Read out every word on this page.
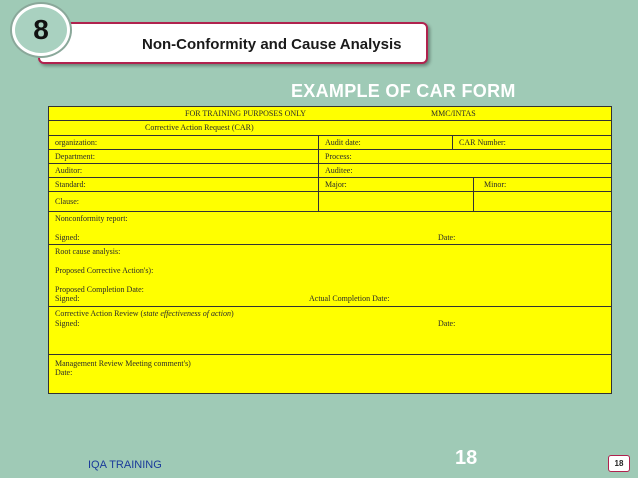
Non-Conformity and Cause Analysis
8
EXAMPLE OF CAR FORM
FOR TRAINING PURPOSES ONLY	MMC/INTAS
Corrective Action Request (CAR)
organization:	Audit date:	CAR Number:
Department:	Process:
Auditor:	Auditee:
Standard:	Major:	Minor:
Clause:
Nonconformity report:
Signed:	Date:
Root cause analysis:
Proposed Corrective Action's):
Proposed Completion Date:
Signed:	Actual Completion Date:
Corrective Action Review (state effectiveness of action)
Signed:	Date:
Management Review Meeting comment's)
Date:
IQA TRAINING	18	18
